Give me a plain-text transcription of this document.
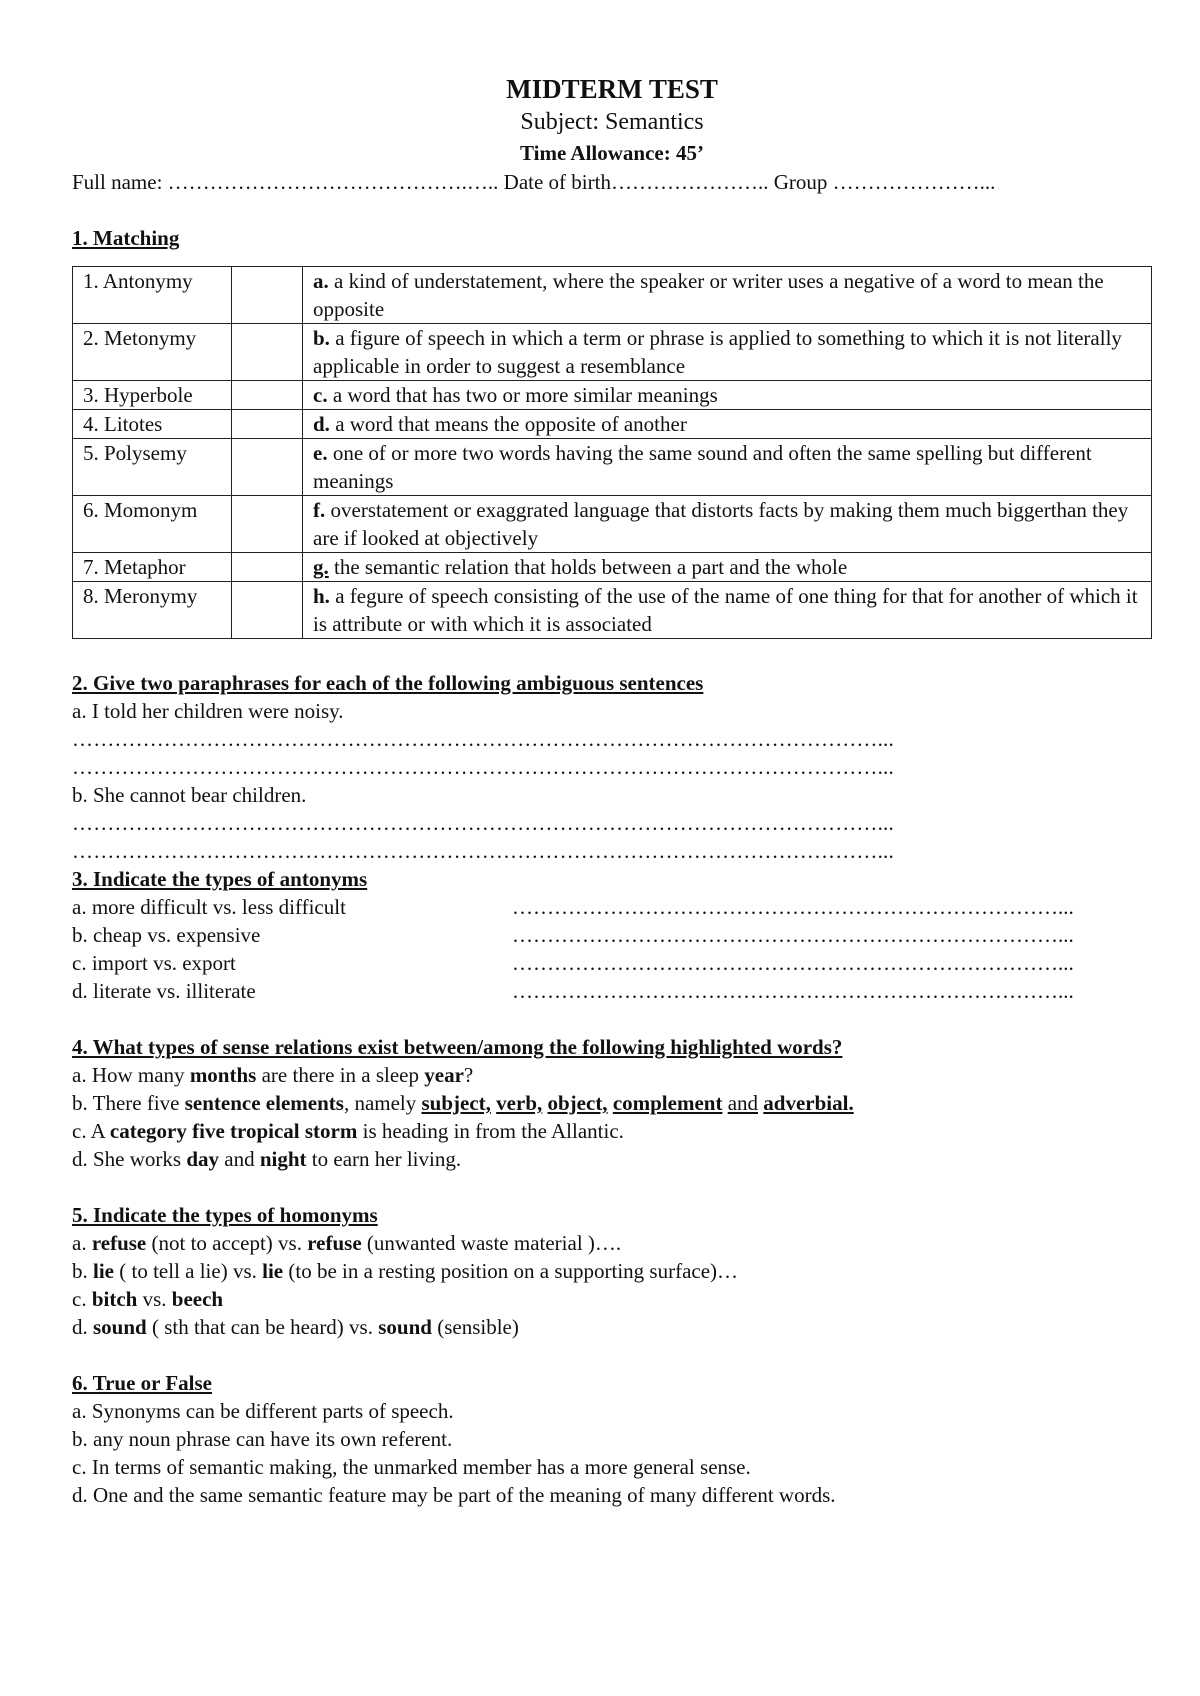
MIDTERM TEST
Subject: Semantics
Time Allowance: 45’
Full name: …………………………………….….. Date of birth………………….. Group …………………...
1. Matching
1. Antonymy		a. a kind of understatement, where the speaker or writer uses a negative of a word to mean the opposite
2. Metonymy		b. a figure of speech in which a term or phrase is applied to something to which it is not literally applicable in order to suggest a resemblance
3. Hyperbole		c. a word that has two or more similar meanings
4. Litotes		d. a word that means the opposite of another
5. Polysemy		e. one of or more two words having the same sound and often the same spelling but different meanings
6. Momonym		f. overstatement or exaggrated language that distorts facts by making them much biggerthan they are if looked at objectively
7. Metaphor		g. the semantic relation that holds between a part and the whole
8. Meronymy		h. a fegure of speech consisting of the use of the name of one thing for that for another of which it is attribute or with which it is associated
2. Give two paraphrases for each of the following ambiguous sentences
a. I told her children were noisy.
……………………………………………………………………………………………………...
……………………………………………………………………………………………………...
b. She cannot bear children.
……………………………………………………………………………………………………...
……………………………………………………………………………………………………...
3. Indicate the types of antonyms
a. more difficult vs. less difficult	……………………………………………………………………...
b. cheap vs. expensive	……………………………………………………………………...
c. import vs. export	……………………………………………………………………...
d. literate vs. illiterate	……………………………………………………………………...
4. What types of sense relations exist between/among the following highlighted words?
a. How many months are there in a sleep year?
b. There five sentence elements, namely subject, verb, object, complement and adverbial.
c. A category five tropical storm is heading in from the Allantic.
d. She works day and night to earn her living.
5. Indicate the types of homonyms
a. refuse (not to accept) vs. refuse (unwanted waste material )….
b. lie ( to tell a lie) vs. lie (to be in a resting position on a supporting surface)…
c. bitch vs. beech
d. sound ( sth that can be heard) vs. sound (sensible)
6. True or False
a. Synonyms can be different parts of speech.
b. any noun phrase can have its own referent.
c. In terms of semantic making, the unmarked member has a more general sense.
d. One and the same semantic feature may be part of the meaning of many different words.
